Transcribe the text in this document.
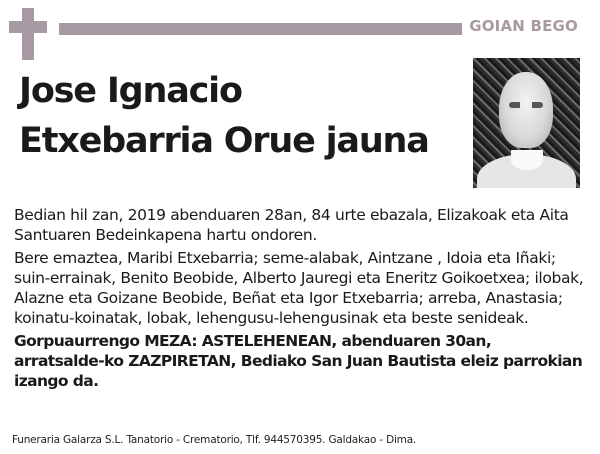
GOIAN BEGO
Jose Ignacio
Etxebarria Orue jauna

Bedian hil zan, 2019 abenduaren 28an, 84 urte ebazala, Elizakoak eta Aita Santuaren Bedeinkapena hartu ondoren.

Bere emaztea, Maribi Etxebarria; seme-alabak, Aintzane , Idoia eta Iñaki; suin-errainak, Benito Beobide, Alberto Jauregi eta Eneritz Goikoetxea; ilobak, Alazne eta Goizane Beobide, Beñat eta Igor Etxebarria; arreba, Anastasia; koinatu-koinatak, lobak, lehengusu-lehengusinak eta beste senideak.

Gorpuaurrengo MEZA: ASTELEHENEAN, abenduaren 30an, arratsalde-ko ZAZPIRETAN, Bediako San Juan Bautista eleiz parrokian izango da.

Funeraria Galarza S.L. Tanatorio - Crematorio, Tlf. 944570395. Galdakao - Dima.
